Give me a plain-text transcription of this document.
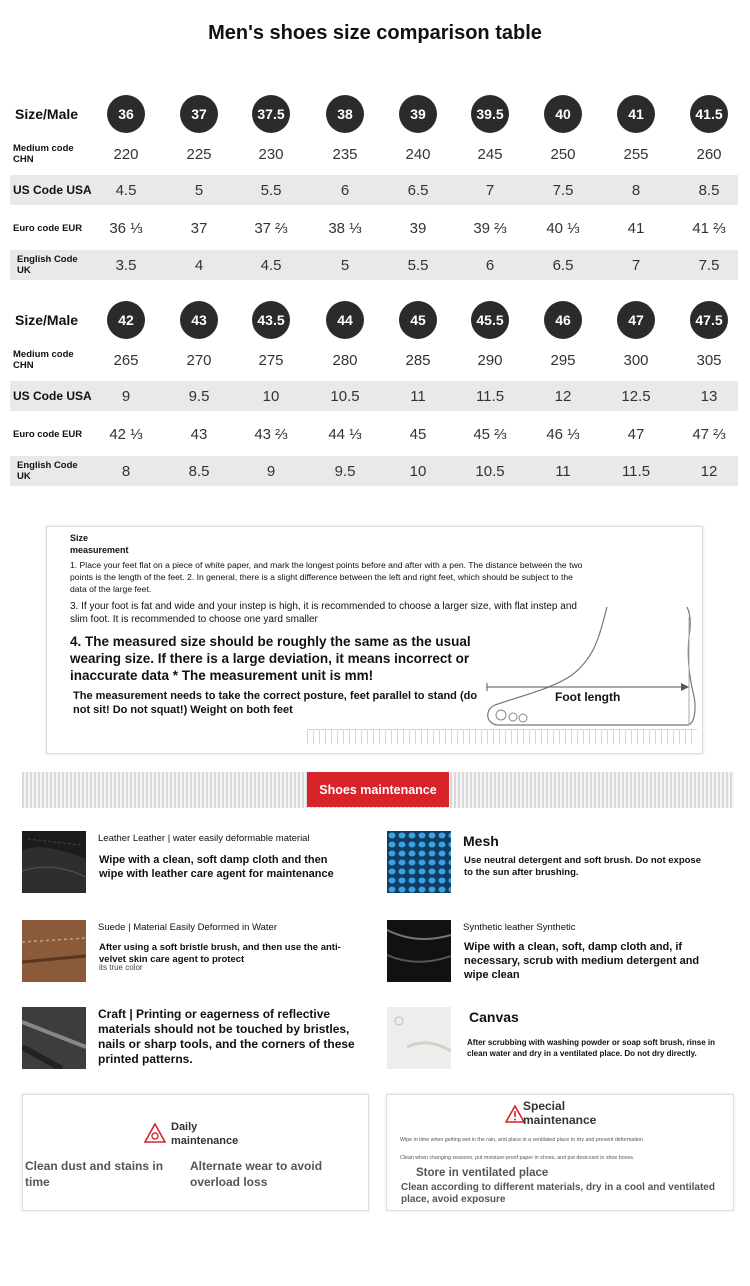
Men's shoes size comparison table
Size/Male	36	37	37.5	38	39	39.5	40	41	41.5
Medium code
CHN	220	225	230	235	240	245	250	255	260
US Code USA	4.5	5	5.5	6	6.5	7	7.5	8	8.5
Euro code EUR	36 ⅓	37	37 ⅔	38 ⅓	39	39 ⅔	40 ⅓	41	41 ⅔
English Code
UK	3.5	4	4.5	5	5.5	6	6.5	7	7.5
Size/Male	42	43	43.5	44	45	45.5	46	47	47.5
Medium code
CHN	265	270	275	280	285	290	295	300	305
US Code USA	9	9.5	10	10.5	11	11.5	12	12.5	13
Euro code EUR	42 ⅓	43	43 ⅔	44 ⅓	45	45 ⅔	46 ⅓	47	47 ⅔
English Code
UK	8	8.5	9	9.5	10	10.5	11	11.5	12
Size
measurement
1. Place your feet flat on a piece of white paper, and mark the longest points before and after with a pen. The distance between the two points is the length of the feet. 2. In general, there is a slight difference between the left and right feet, which should be subject to the data of the large feet.
3. If your foot is fat and wide and your instep is high, it is recommended to choose a larger size, with flat instep and slim foot. It is recommended to choose one yard smaller
4. The measured size should be roughly the same as the usual wearing size. If there is a large deviation, it means incorrect or inaccurate data * The measurement unit is mm!
The measurement needs to take the correct posture, feet parallel to stand (do not sit! Do not squat!) Weight on both feet
Foot length
Shoes maintenance
Leather Leather | water easily deformable material
Wipe with a clean, soft damp cloth and then wipe with leather care agent for maintenance
Mesh
Use neutral detergent and soft brush. Do not expose to the sun after brushing.
Suede | Material Easily Deformed in Water
After using a soft bristle brush, and then use the anti-velvet skin care agent to protect
its true color
Synthetic leather Synthetic
Wipe with a clean, soft, damp cloth and, if necessary, scrub with medium detergent and wipe clean
Craft | Printing or eagerness of reflective materials should not be touched by bristles, nails or sharp tools, and the corners of these printed patterns.
Canvas
After scrubbing with washing powder or soap soft brush, rinse in clean water and dry in a ventilated place. Do not dry directly.
Daily
maintenance
Clean dust and stains in time
Alternate wear to avoid overload loss
Special
maintenance
Wipe in time when getting wet in the rain, and place in a ventilated place to dry and prevent deformation
Clean when changing seasons, put moisture-proof paper in shoes, and put desiccant in shoe boxes.
Store in ventilated place
Clean according to different materials, dry in a cool and ventilated place, avoid exposure
